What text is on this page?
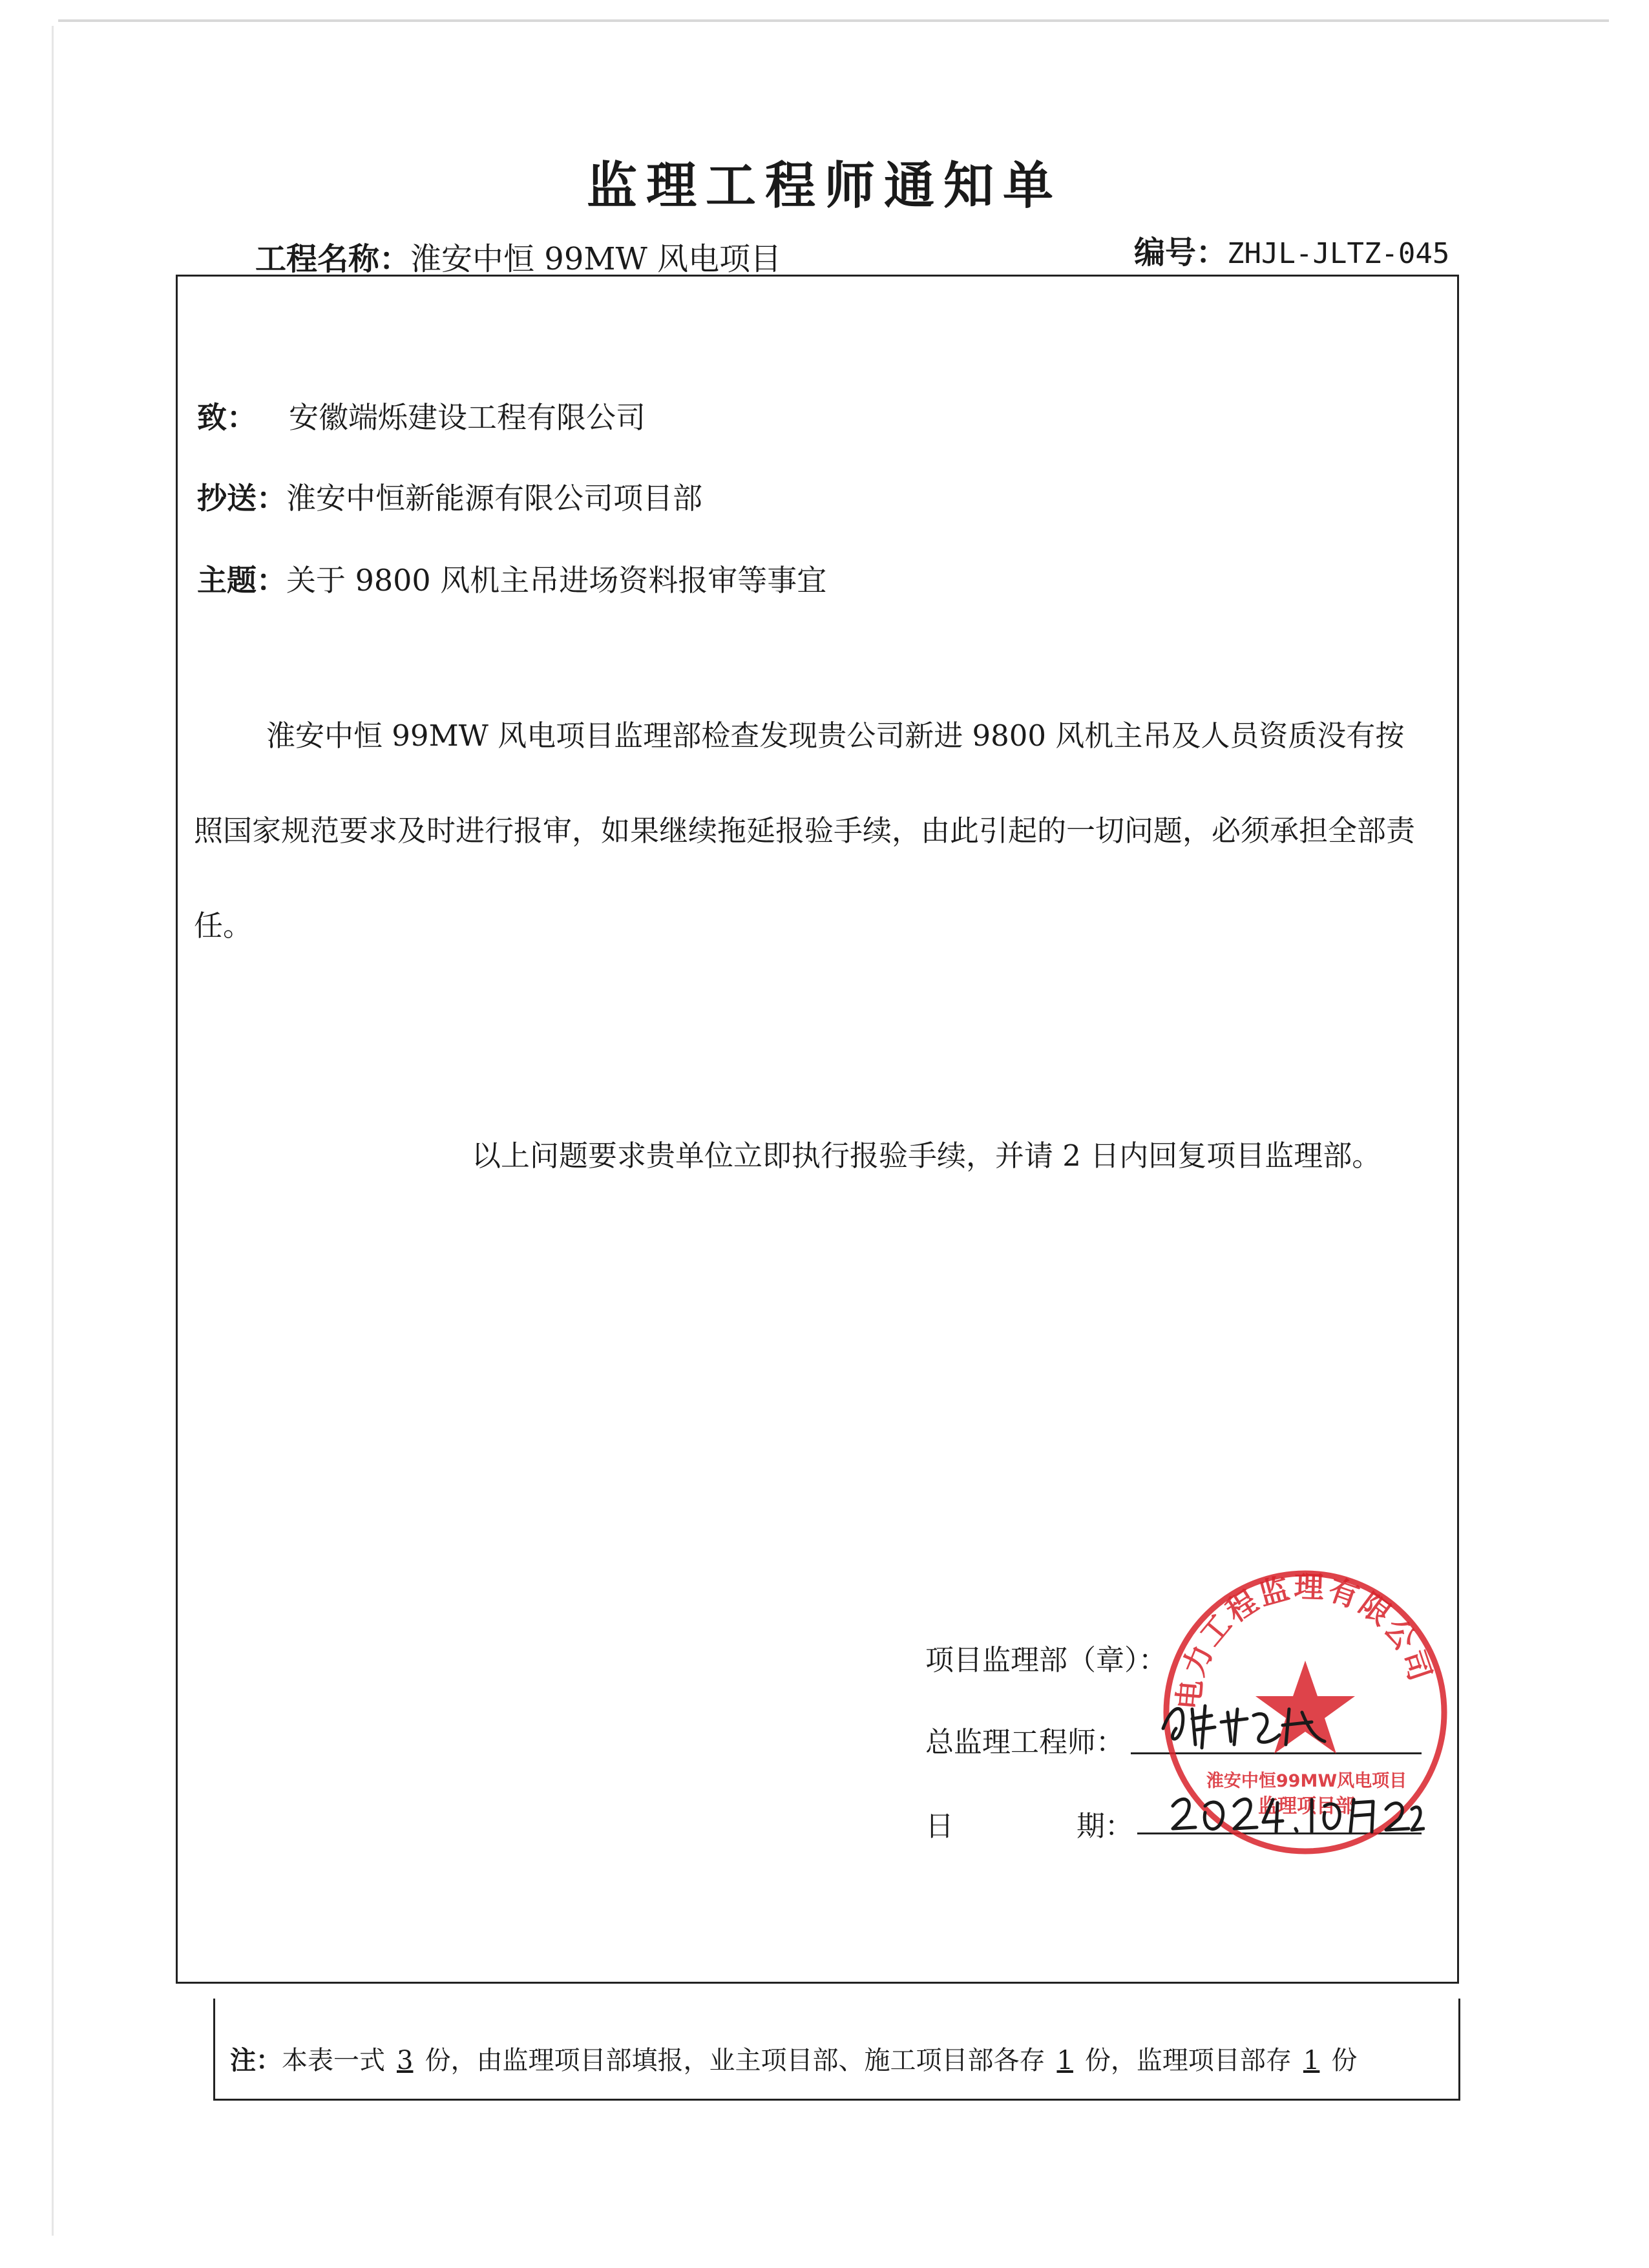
监理工程师通知单
工程名称：淮安中恒 99MW 风电项目	编号：ZHJL-JLTZ-045
致： 安徽端烁建设工程有限公司
抄送：淮安中恒新能源有限公司项目部
主题：关于 9800 风机主吊进场资料报审等事宜
淮安中恒 99MW 风电项目监理部检查发现贵公司新进 9800 风机主吊及人员资质没有按照国家规范要求及时进行报审，如果继续拖延报验手续，由此引起的一切问题，必须承担全部责任。
以上问题要求贵单位立即执行报验手续，并请 2 日内回复项目监理部。
项目监理部（章）：
总监理工程师：
日	期：
电力工程监理有限公司
淮安中恒99MW风电项目
监理项目部
注：本表一式 3 份，由监理项目部填报，业主项目部、施工项目部各存 1 份，监理项目部存 1 份
